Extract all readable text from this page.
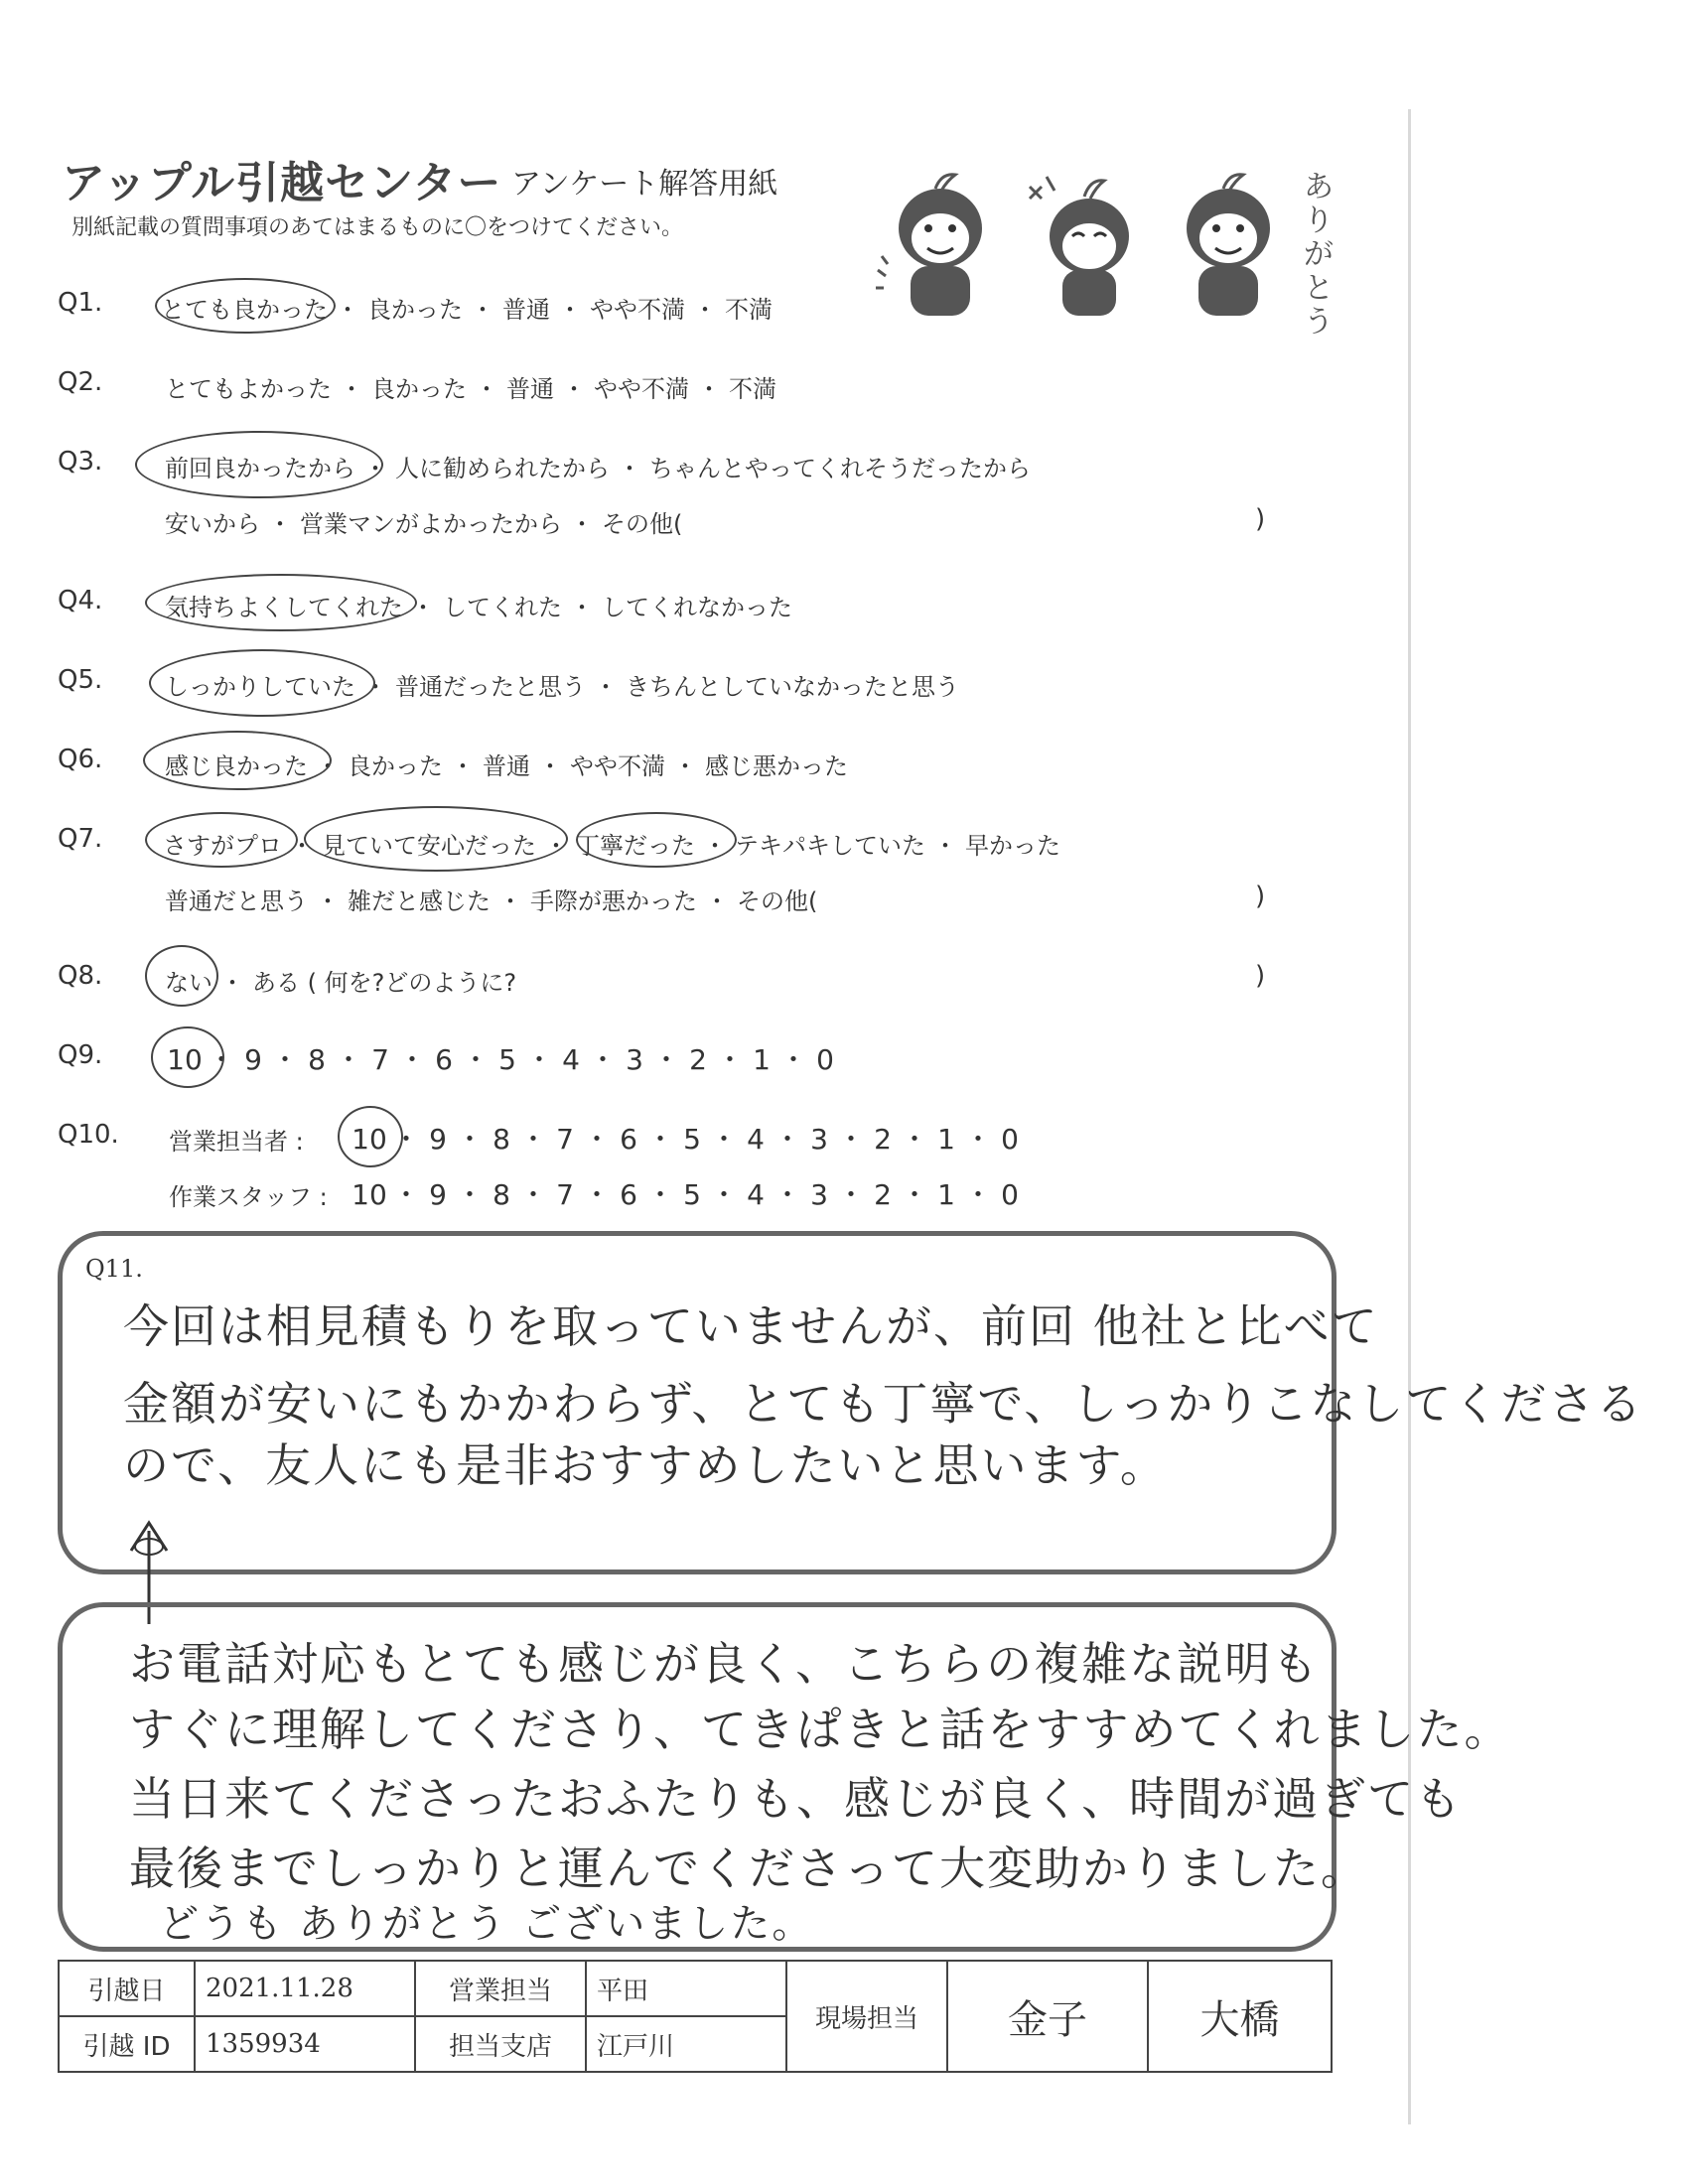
アップル引越センター アンケート解答用紙
別紙記載の質問事項のあてはまるものに〇をつけてください。
ありがとう
Q1. とても良かった ・ 良かった ・ 普通 ・ やや不満 ・ 不満
Q2.	とてもよかった ・ 良かった ・ 普通 ・ やや不満 ・ 不満
Q3.	前回良かったから ・ 人に勧められたから ・ ちゃんとやってくれそうだったから
安いから ・ 営業マンがよかったから ・ その他(	)
Q4.	気持ちよくしてくれた ・ してくれた ・ してくれなかった
Q5.	しっかりしていた ・ 普通だったと思う ・ きちんとしていなかったと思う
Q6.	感じ良かった ・ 良かった ・ 普通 ・ やや不満 ・ 感じ悪かった
Q7.	さすがプロ ・ 見ていて安心だった ・ 丁寧だった ・ テキパキしていた ・ 早かった
普通だと思う ・ 雑だと感じた ・ 手際が悪かった ・ その他(	)
Q8.	ない ・ ある ( 何を?どのように?	)
Q9. 10 ・ 9 ・ 8 ・ 7 ・ 6 ・ 5 ・ 4 ・ 3 ・ 2 ・ 1 ・ 0
Q10. 営業担当者 : 10 ・ 9 ・ 8 ・ 7 ・ 6 ・ 5 ・ 4 ・ 3 ・ 2 ・ 1 ・ 0
作業スタッフ : 10 ・ 9 ・ 8 ・ 7 ・ 6 ・ 5 ・ 4 ・ 3 ・ 2 ・ 1 ・ 0
Q11.
今回は相見積もりを取っていませんが、前回 他社と比べて
金額が安いにもかかわらず、とても丁寧で、しっかりこなしてくださる
ので、友人にも是非おすすめしたいと思います。
お電話対応もとても感じが良く、こちらの複雑な説明も
すぐに理解してくださり、てきぱきと話をすすめてくれました。
当日来てくださったおふたりも、感じが良く、時間が過ぎても
最後までしっかりと運んでくださって大変助かりました。
どうも ありがとう ございました。
引越日	2021.11.28	営業担当	平田	現場担当	金子	大橋
引越 ID	1359934	担当支店	江戸川			
